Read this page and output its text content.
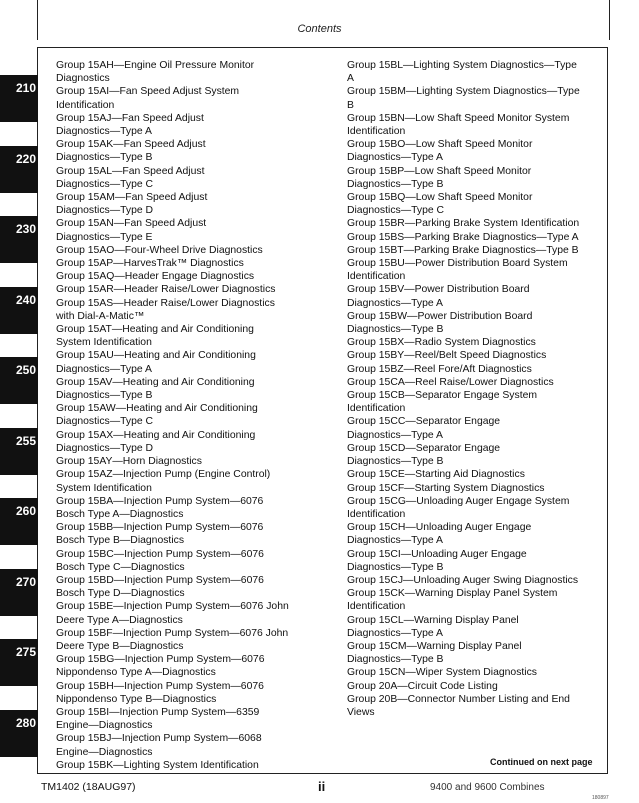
Contents
Group 15AH—Engine Oil Pressure Monitor
Diagnostics
Group 15AI—Fan Speed Adjust System
Identification
Group 15AJ—Fan Speed Adjust
Diagnostics—Type A
Group 15AK—Fan Speed Adjust
Diagnostics—Type B
Group 15AL—Fan Speed Adjust
Diagnostics—Type C
Group 15AM—Fan Speed Adjust
Diagnostics—Type D
Group 15AN—Fan Speed Adjust
Diagnostics—Type E
Group 15AO—Four-Wheel Drive Diagnostics
Group 15AP—HarvesTrak™ Diagnostics
Group 15AQ—Header Engage Diagnostics
Group 15AR—Header Raise/Lower Diagnostics
Group 15AS—Header Raise/Lower Diagnostics
with Dial-A-Matic™
Group 15AT—Heating and Air Conditioning
System Identification
Group 15AU—Heating and Air Conditioning
Diagnostics—Type A
Group 15AV—Heating and Air Conditioning
Diagnostics—Type B
Group 15AW—Heating and Air Conditioning
Diagnostics—Type C
Group 15AX—Heating and Air Conditioning
Diagnostics—Type D
Group 15AY—Horn Diagnostics
Group 15AZ—Injection Pump (Engine Control)
System Identification
Group 15BA—Injection Pump System—6076
Bosch Type A—Diagnostics
Group 15BB—Injection Pump System—6076
Bosch Type B—Diagnostics
Group 15BC—Injection Pump System—6076
Bosch Type C—Diagnostics
Group 15BD—Injection Pump System—6076
Bosch Type D—Diagnostics
Group 15BE—Injection Pump System—6076 John
Deere Type A—Diagnostics
Group 15BF—Injection Pump System—6076 John
Deere Type B—Diagnostics
Group 15BG—Injection Pump System—6076
Nippondenso Type A—Diagnostics
Group 15BH—Injection Pump System—6076
Nippondenso Type B—Diagnostics
Group 15BI—Injection Pump System—6359
Engine—Diagnostics
Group 15BJ—Injection Pump System—6068
Engine—Diagnostics
Group 15BK—Lighting System Identification
Group 15BL—Lighting System Diagnostics—Type
A
Group 15BM—Lighting System Diagnostics—Type
B
Group 15BN—Low Shaft Speed Monitor System
Identification
Group 15BO—Low Shaft Speed Monitor
Diagnostics—Type A
Group 15BP—Low Shaft Speed Monitor
Diagnostics—Type B
Group 15BQ—Low Shaft Speed Monitor
Diagnostics—Type C
Group 15BR—Parking Brake System Identification
Group 15BS—Parking Brake Diagnostics—Type A
Group 15BT—Parking Brake Diagnostics—Type B
Group 15BU—Power Distribution Board System
Identification
Group 15BV—Power Distribution Board
Diagnostics—Type A
Group 15BW—Power Distribution Board
Diagnostics—Type B
Group 15BX—Radio System Diagnostics
Group 15BY—Reel/Belt Speed Diagnostics
Group 15BZ—Reel Fore/Aft Diagnostics
Group 15CA—Reel Raise/Lower Diagnostics
Group 15CB—Separator Engage System
Identification
Group 15CC—Separator Engage
Diagnostics—Type A
Group 15CD—Separator Engage
Diagnostics—Type B
Group 15CE—Starting Aid Diagnostics
Group 15CF—Starting System Diagnostics
Group 15CG—Unloading Auger Engage System
Identification
Group 15CH—Unloading Auger Engage
Diagnostics—Type A
Group 15CI—Unloading Auger Engage
Diagnostics—Type B
Group 15CJ—Unloading Auger Swing Diagnostics
Group 15CK—Warning Display Panel System
Identification
Group 15CL—Warning Display Panel
Diagnostics—Type A
Group 15CM—Warning Display Panel
Diagnostics—Type B
Group 15CN—Wiper System Diagnostics
Group 20A—Circuit Code Listing
Group 20B—Connector Number Listing and End
Views
210
220
230
240
250
255
260
270
275
280
Continued on next page
TM1402 (18AUG97)	ii	9400 and 9600 Combines
180897
